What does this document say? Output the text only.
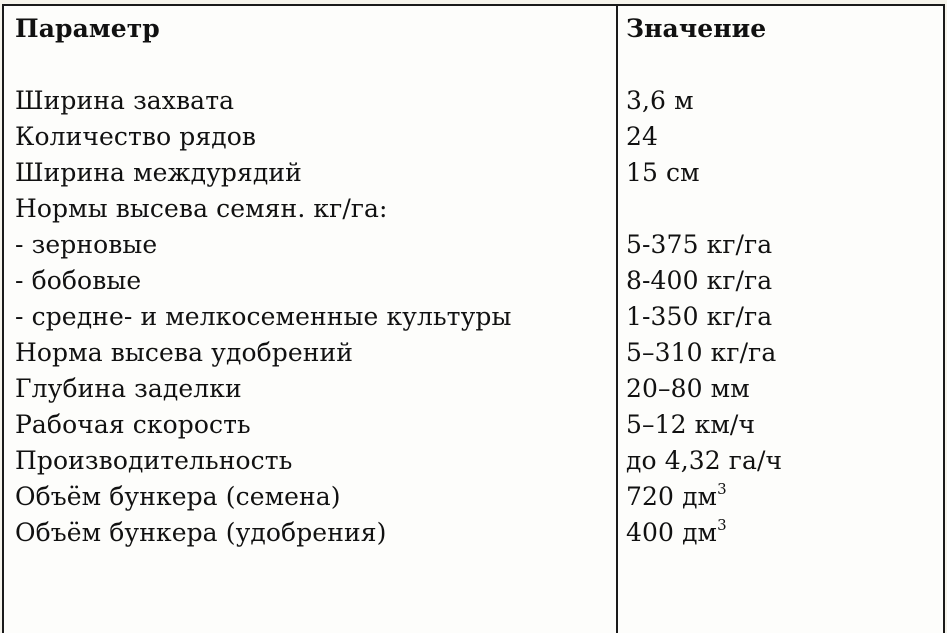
Параметр
Ширина захвата
Количество рядов
Ширина междурядий
Нормы высева семян. кг/га:
- зерновые
- бобовые
- средне- и мелкосеменные культуры
Норма высева удобрений
Глубина заделки
Рабочая скорость
Производительность
Объём бункера (семена)
Объём бункера (удобрения)
Значение
3,6 м
24
15 см
5-375 кг/га
8-400 кг/га
1-350 кг/га
5–310 кг/га
20–80 мм
5–12 км/ч
до 4,32 га/ч
720 $дм^3$
400 $дм^3$
